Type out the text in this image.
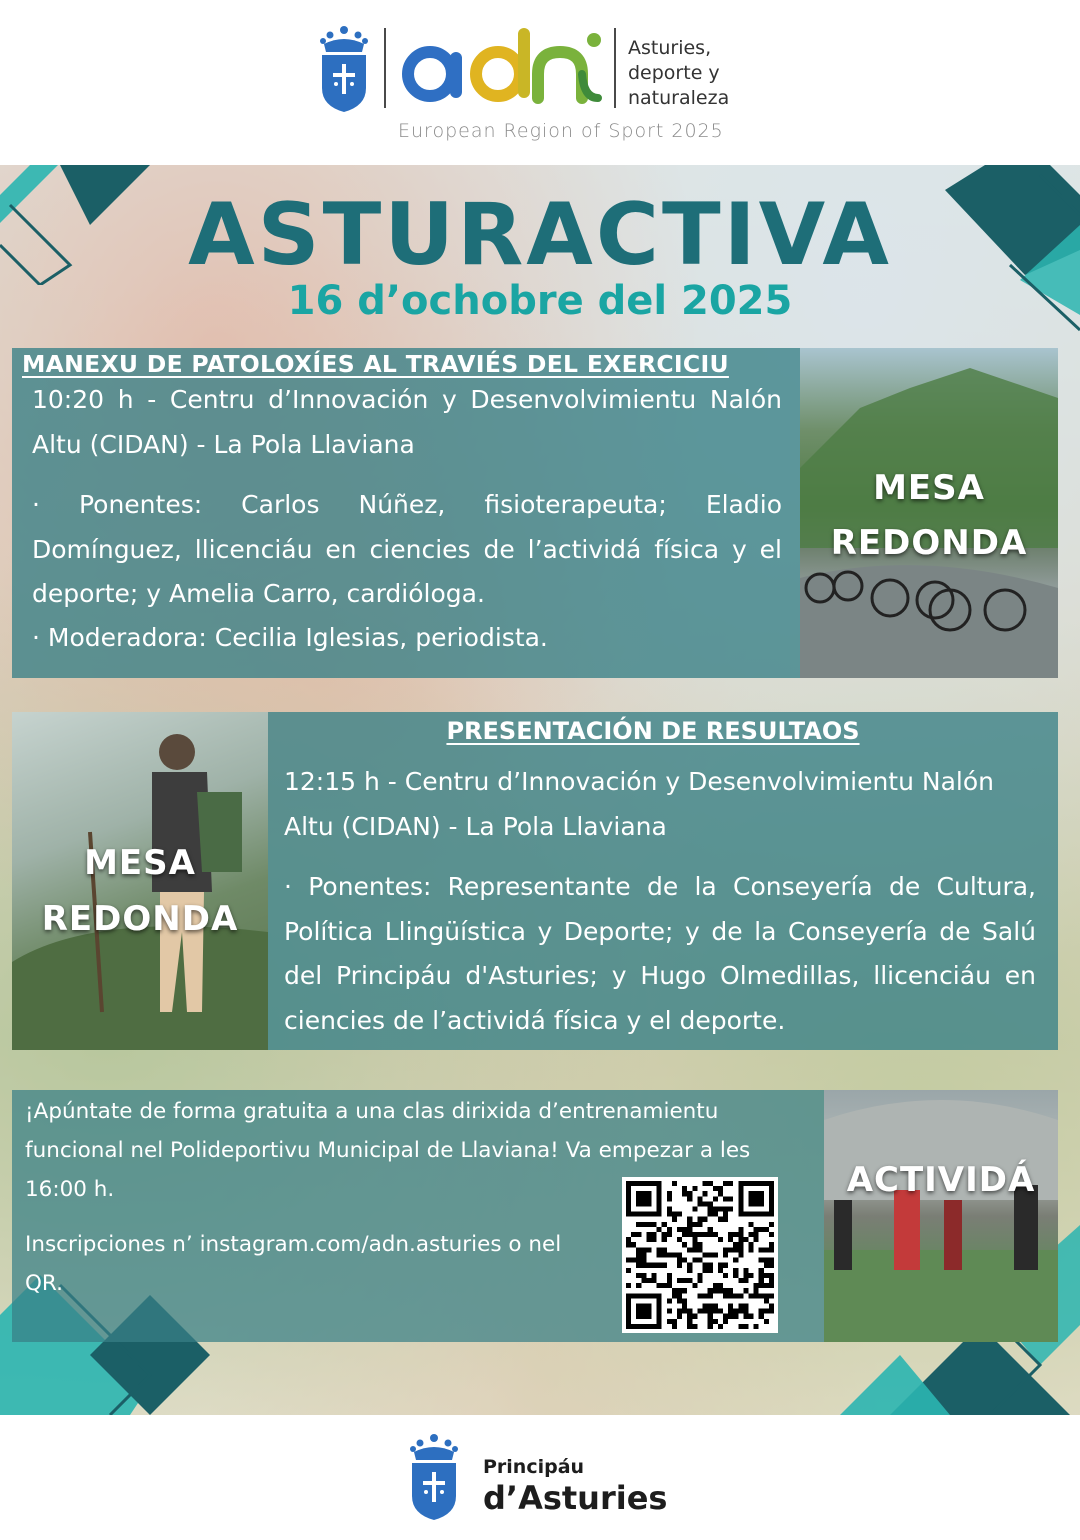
adn
Asturies,
deporte y
naturaleza
European Region of Sport 2025
ASTURACTIVA
16 d’ochobre del 2025
MANEXU DE PATOLOXÍES AL TRAVIÉS DEL EXERCICIU
10:20 h - Centru d’Innovación y Desenvolvimientu Nalón Altu (CIDAN) - La Pola Llaviana
· Ponentes: Carlos Núñez, fisioterapeuta; Eladio Domínguez, llicenciáu en ciencies de l’actividá física y el deporte; y Amelia Carro, cardióloga.
· Moderadora: Cecilia Iglesias, periodista.
MESA
REDONDA
MESA
REDONDA
PRESENTACIÓN DE RESULTAOS
12:15 h - Centru d’Innovación y Desenvolvimientu Nalón Altu (CIDAN) - La Pola Llaviana
· Ponentes: Representante de la Conseyería de Cultura, Política Llingüística y Deporte; y de la Conseyería de Salú del Principáu d'Asturies; y Hugo Olmedillas, llicenciáu en ciencies de l’actividá física y el deporte.
¡Apúntate de forma gratuita a una clas dirixida d’entrenamientu funcional nel Polideportivu Municipal de Llaviana! Va empezar a les 16:00 h.
Inscripciones n’ instagram.com/adn.asturies o nel QR.
ACTIVIDÁ
Principáu
d’Asturies
